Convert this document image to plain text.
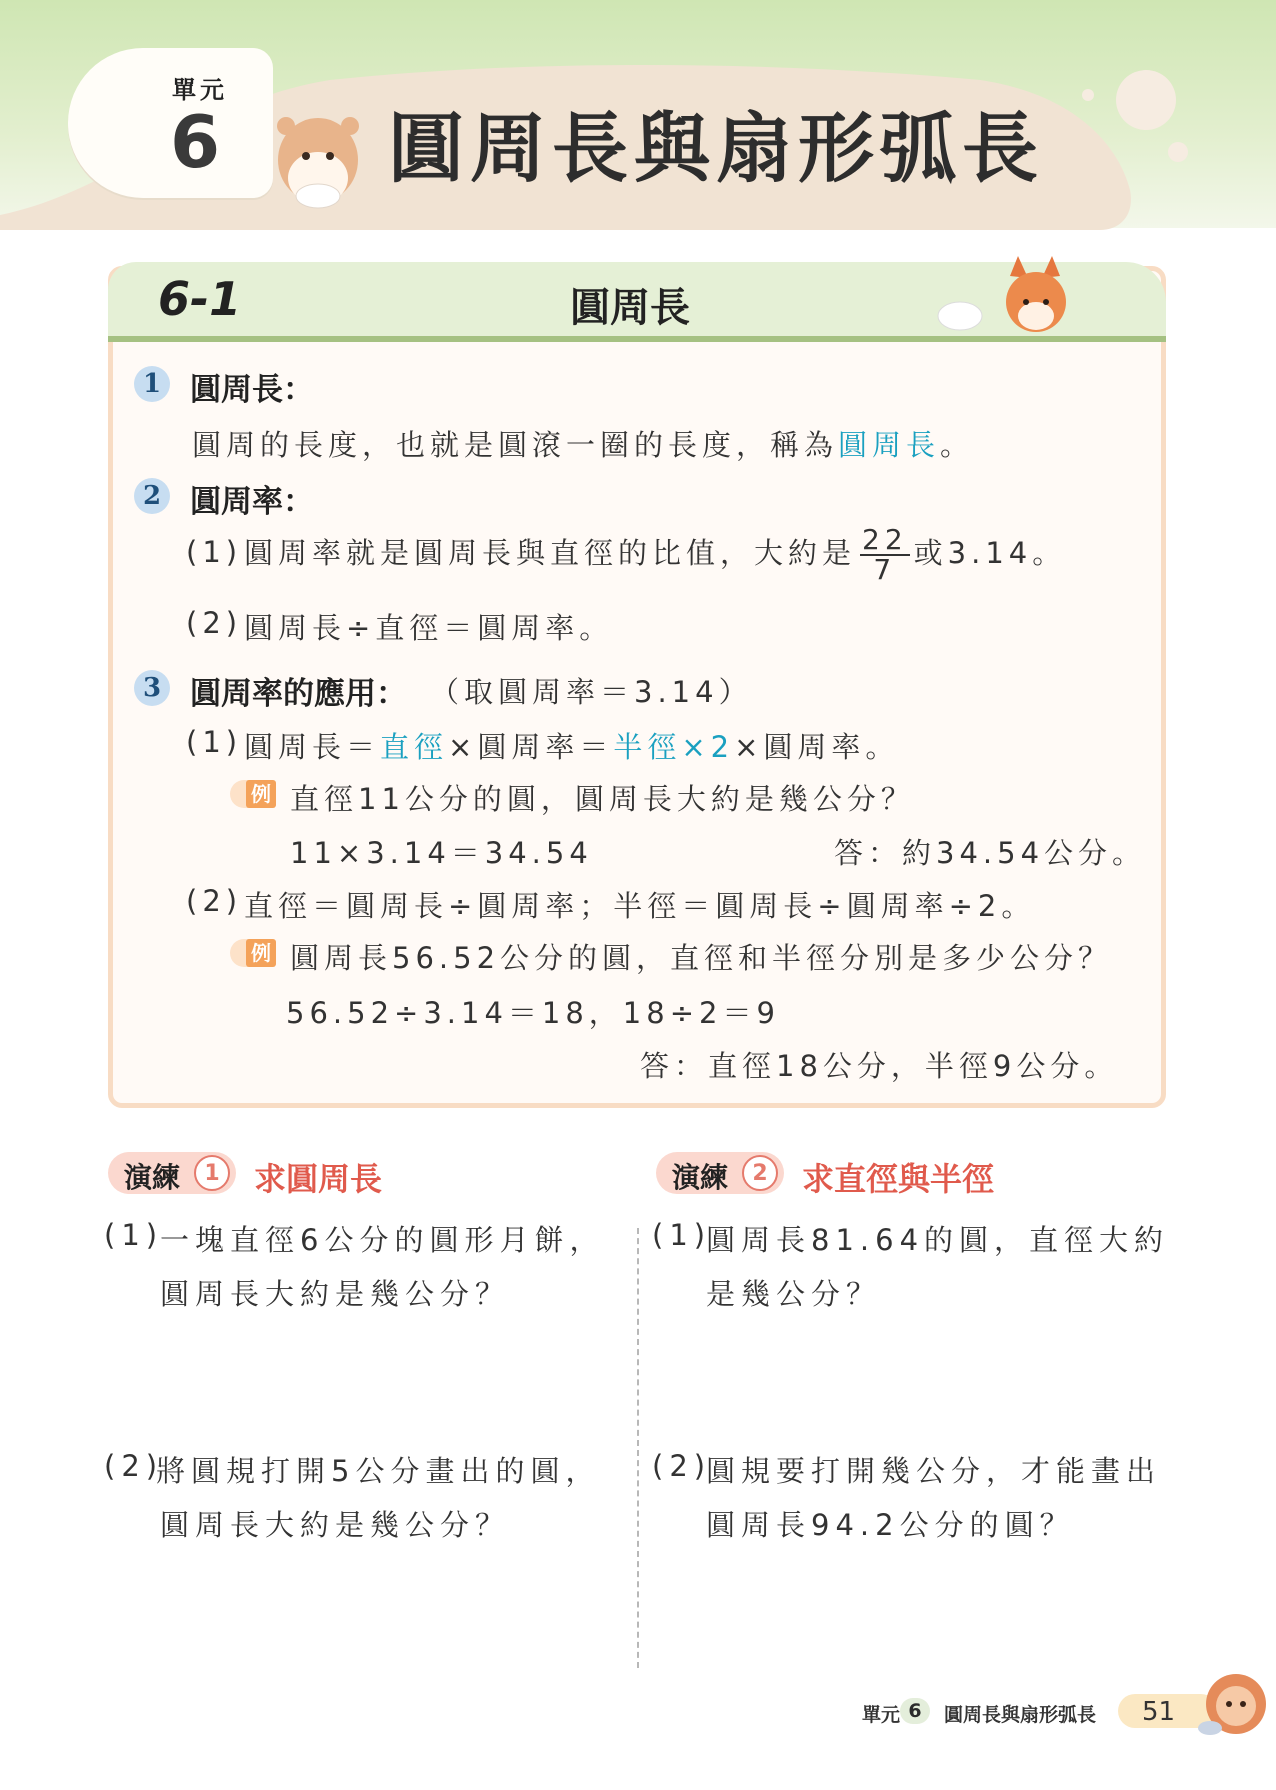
單元
6 圓周長與扇形弧長
6-1	圓周長
1 圓周長：
圓周的長度，也就是圓滾一圈的長度，稱為圓周長。
2 圓周率：
(1) 圓周率就是圓周長與直徑的比值，大約是 $\frac{22}{7}$ 或3.14。
(2) 圓周長÷直徑＝圓周率。
3 圓周率的應用： （取圓周率＝3.14）
(1) 圓周長＝直徑×圓周率＝半徑×2×圓周率。
例 直徑11公分的圓，圓周長大約是幾公分？
11×3.14＝34.54	答：約34.54公分。
(2) 直徑＝圓周長÷圓周率；半徑＝圓周長÷圓周率÷2。
例 圓周長56.52公分的圓，直徑和半徑分別是多少公分？
56.52÷3.14＝18，18÷2＝9
答：直徑18公分，半徑9公分。
演練	1	求圓周長
(1)
一塊直徑6公分的圓形月餅，
圓周長大約是幾公分？
(2)
將圓規打開5公分畫出的圓，
圓周長大約是幾公分？
演練	2	求直徑與半徑
(1)
圓周長81.64的圓，直徑大約
是幾公分？
(2)
圓規要打開幾公分，才能畫出
圓周長94.2公分的圓？
單元 圓周長與扇形弧長
6	51
